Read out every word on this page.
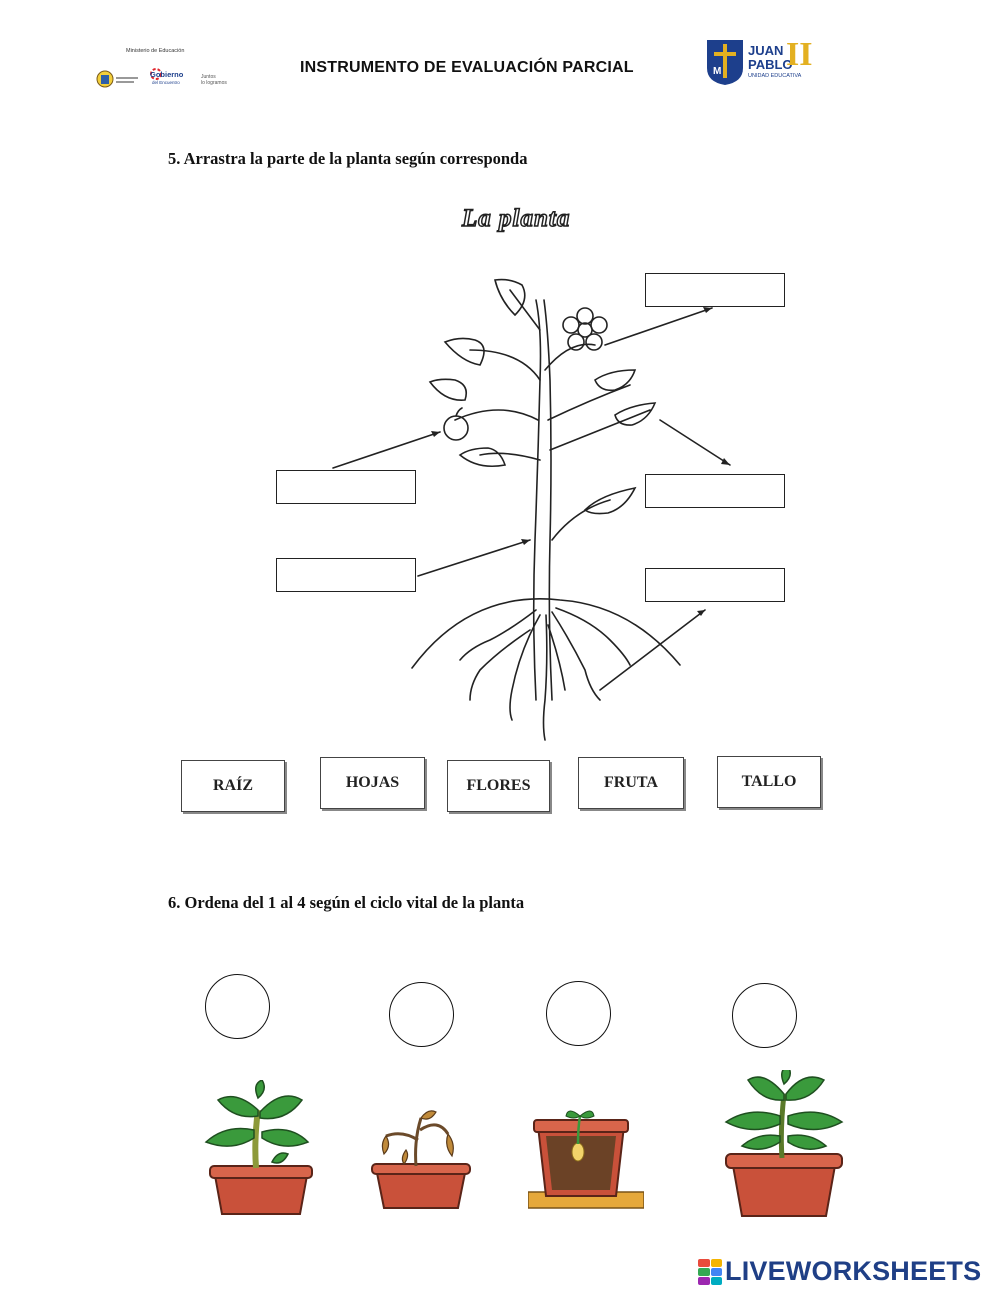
Ministerio de Educación
Gobierno
del Encuentro
Juntos
lo logramos
INSTRUMENTO DE EVALUACIÓN PARCIAL	M
JUAN
PABLO
II
UNIDAD EDUCATIVA
5. Arrastra la parte de la planta según corresponda
La planta
RAÍZ	HOJAS	FLORES	FRUTA	TALLO
6. Ordena del 1 al 4 según el ciclo vital de la planta
LIVEWORKSHEETS
